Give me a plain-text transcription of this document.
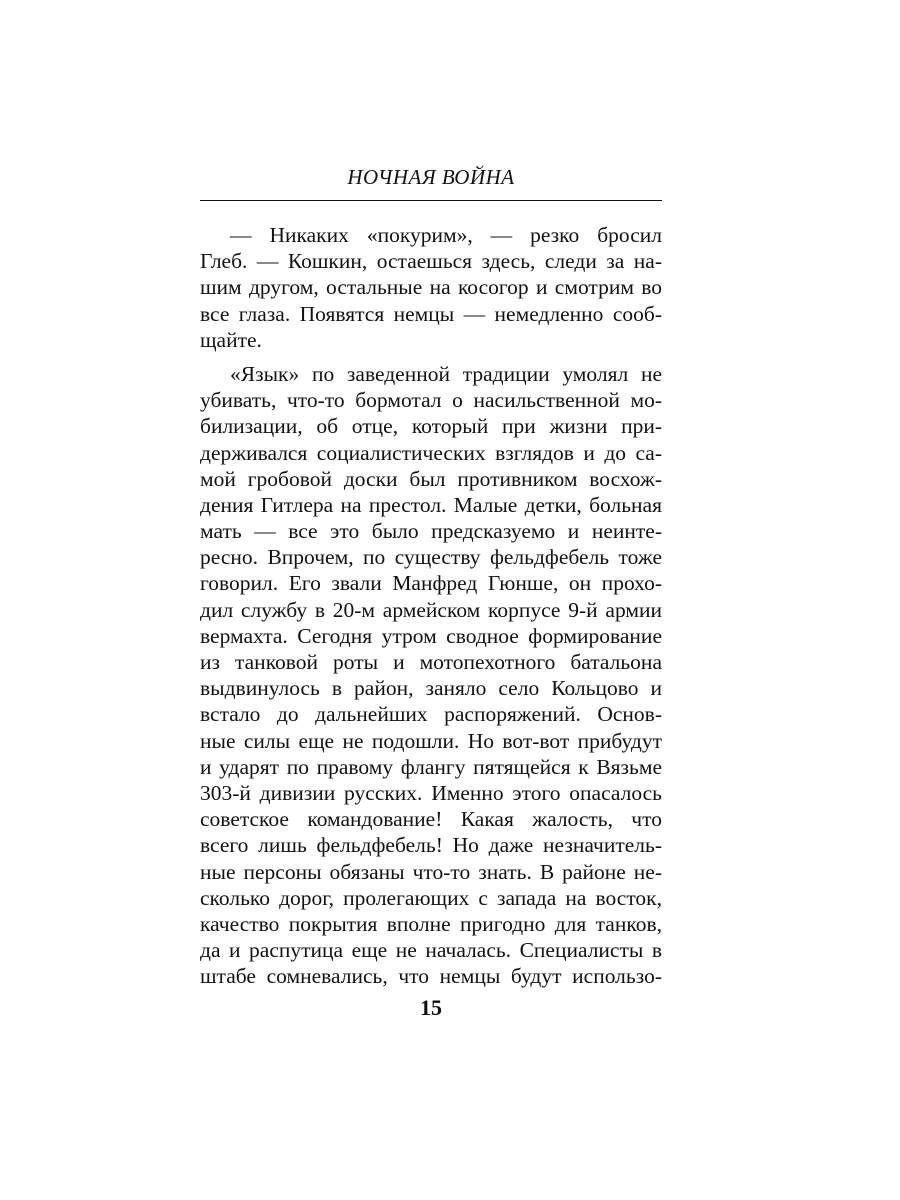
НОЧНАЯ ВОЙНА
— Никаких «покурим», — резко бросил
Глеб. — Кошкин, остаешься здесь, следи за на-
шим другом, остальные на косогор и смотрим во
все глаза. Появятся немцы — немедленно сооб-
щайте.
«Язык» по заведенной традиции умолял не
убивать, что-то бормотал о насильственной мо-
билизации, об отце, который при жизни при-
держивался социалистических взглядов и до са-
мой гробовой доски был противником восхож-
дения Гитлера на престол. Малые детки, больная
мать — все это было предсказуемо и неинте-
ресно. Впрочем, по существу фельдфебель тоже
говорил. Его звали Манфред Гюнше, он прохо-
дил службу в 20-м армейском корпусе 9-й армии
вермахта. Сегодня утром сводное формирование
из танковой роты и мотопехотного батальона
выдвинулось в район, заняло село Кольцово и
встало до дальнейших распоряжений. Основ-
ные силы еще не подошли. Но вот-вот прибудут
и ударят по правому флангу пятящейся к Вязьме
303-й дивизии русских. Именно этого опасалось
советское командование! Какая жалость, что
всего лишь фельдфебель! Но даже незначитель-
ные персоны обязаны что-то знать. В районе не-
сколько дорог, пролегающих с запада на восток,
качество покрытия вполне пригодно для танков,
да и распутица еще не началась. Специалисты в
штабе сомневались, что немцы будут использо-
15
